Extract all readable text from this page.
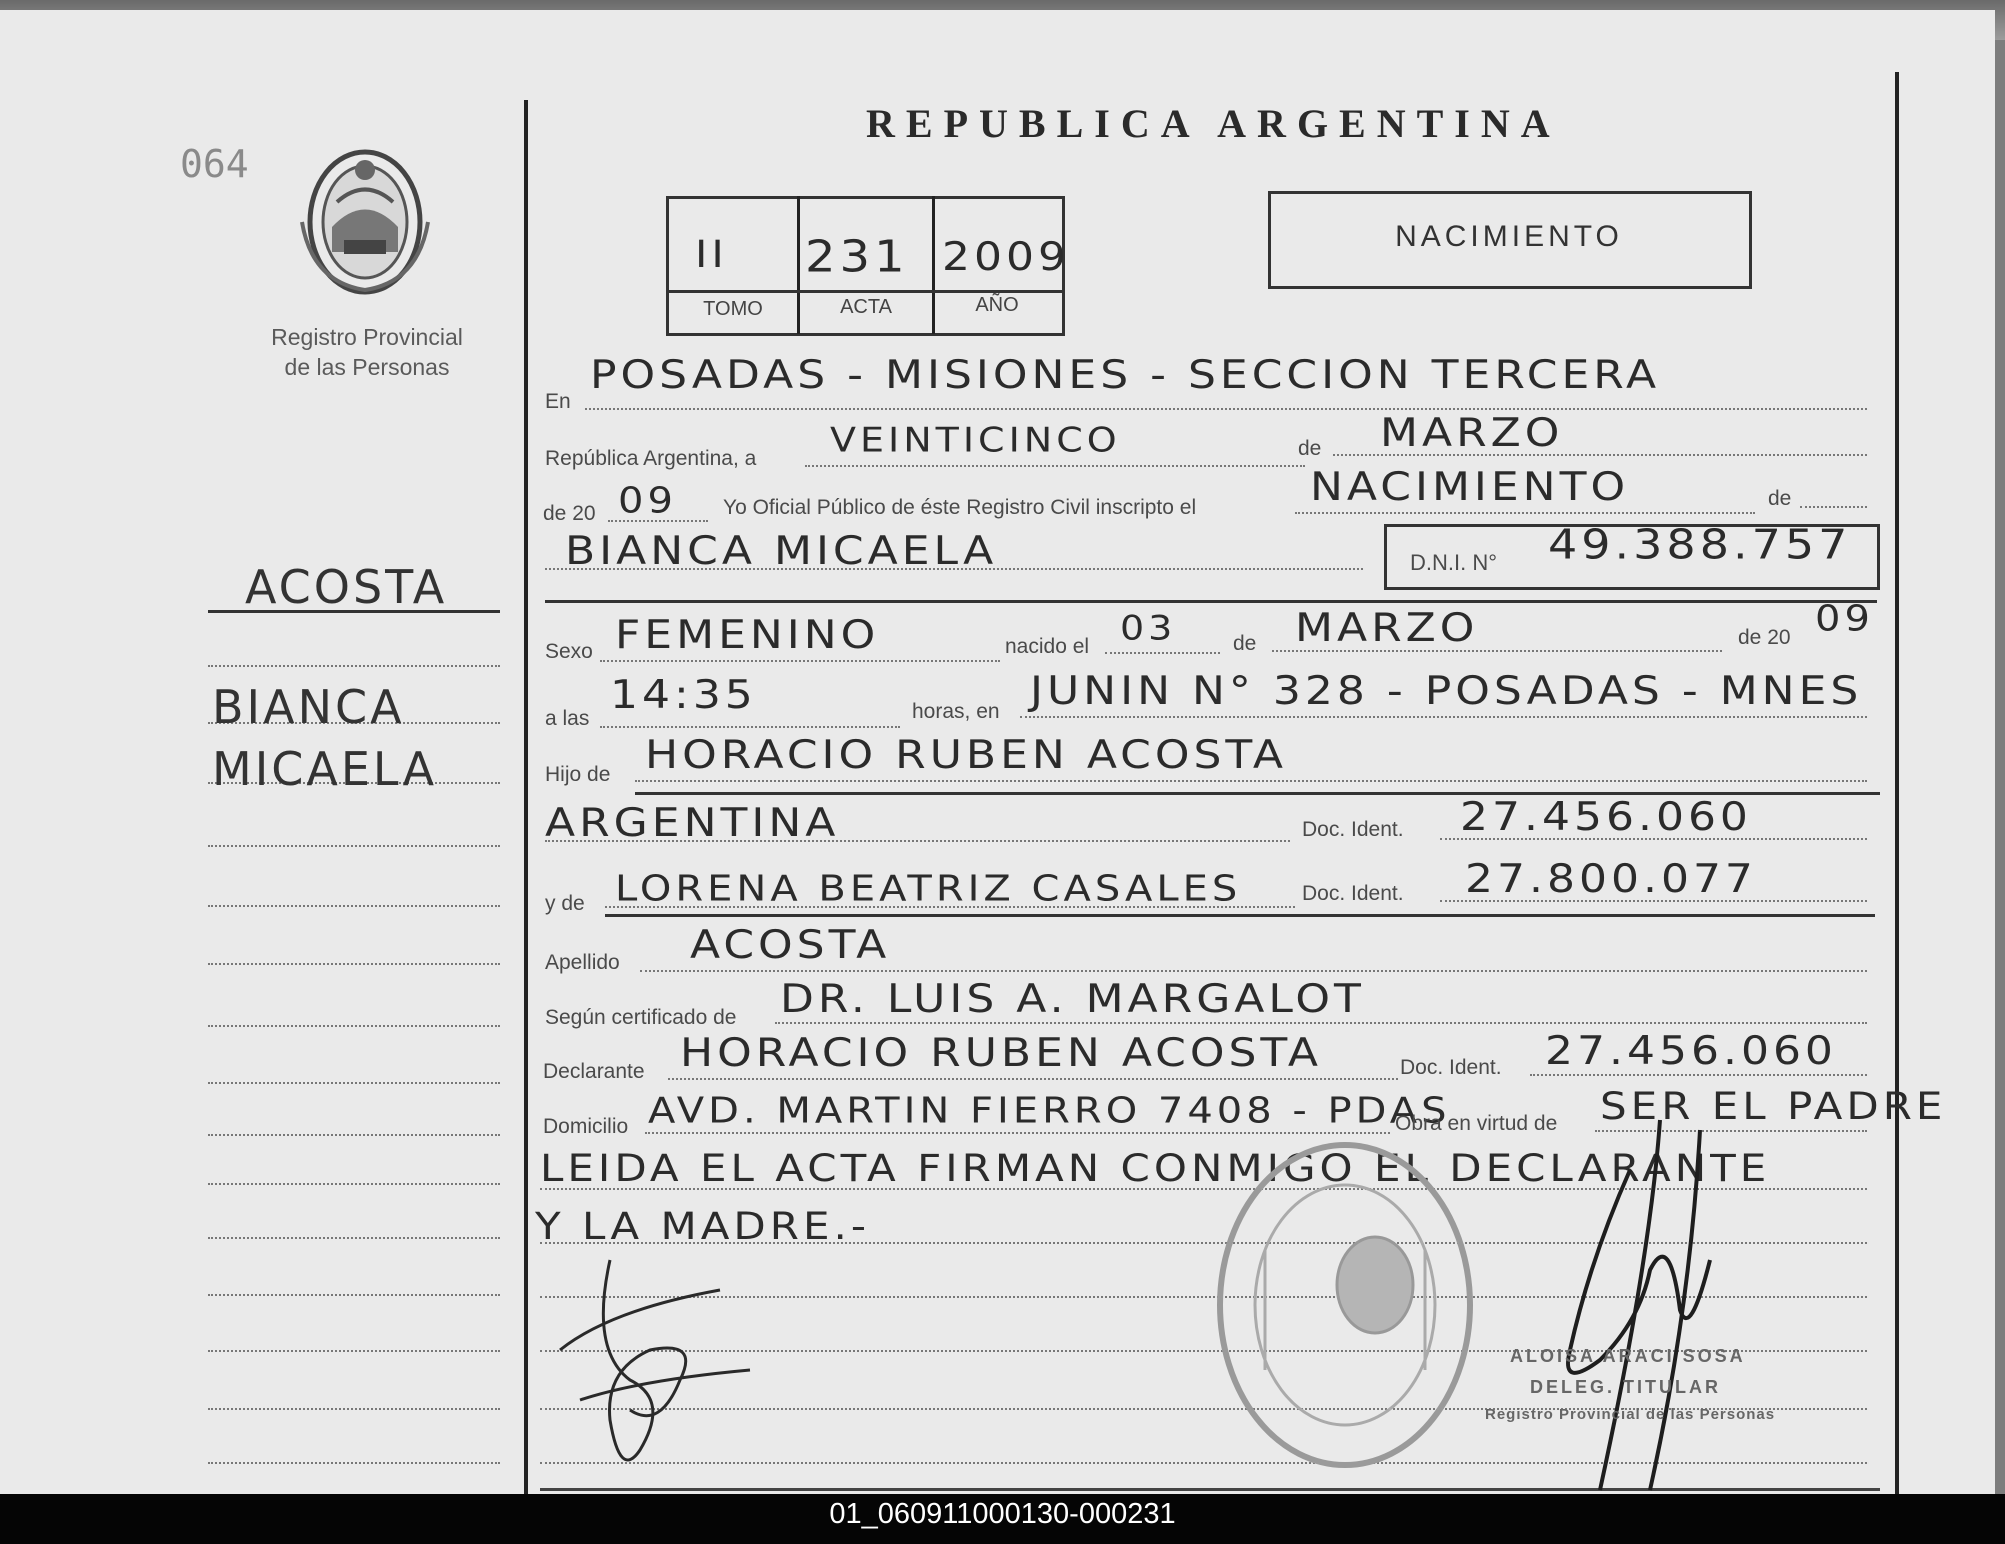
064
Registro Provincial
de las Personas
REPUBLICA ARGENTINA
II 231 2009
TOMO	ACTA	AÑO
NACIMIENTO
ACOSTA
BIANCA
MICAELA
En
POSADAS - MISIONES - SECCION TERCERA
República Argentina, a VEINTICINCO	de MARZO
de 20 09 Yo Oficial Público de éste Registro Civil inscripto el	NACIMIENTO	de
BIANCA MICAELA	D.N.I. N° 49.388.757
Sexo FEMENINO	nacido el 03	de MARZO	de 20 09
a las
14:35	horas, en JUNIN N° 328 - POSADAS - MNES
Hijo de HORACIO RUBEN ACOSTA
ARGENTINA	Doc. Ident. 27.456.060
y de LORENA BEATRIZ CASALES	Doc. Ident. 27.800.077
Apellido ACOSTA
Según certificado de DR. LUIS A. MARGALOT
Declarante HORACIO RUBEN ACOSTA	Doc. Ident. 27.456.060
Domicilio AVD. MARTIN FIERRO 7408 - PDAS
Obra en virtud de SER EL PADRE
LEIDA EL ACTA FIRMAN CONMIGO EL DECLARANTE
Y LA MADRE.-
ALOISA ARACI SOSA
DELEG. TITULAR
Registro Provincial de las Personas
01_060911000130-000231
